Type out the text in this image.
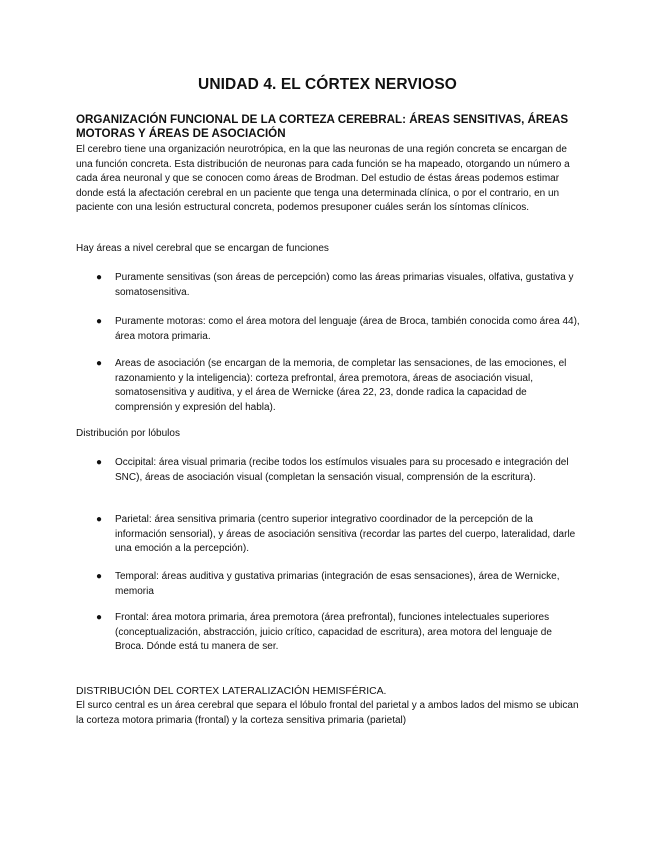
UNIDAD 4. EL CÓRTEX NERVIOSO
ORGANIZACIÓN FUNCIONAL DE LA CORTEZA CEREBRAL: ÁREAS SENSITIVAS, ÁREAS MOTORAS Y ÁREAS DE ASOCIACIÓN

El cerebro tiene una organización neurotrópica, en la que las neuronas de una región concreta se encargan de una función concreta. Esta distribución de neuronas para cada función se ha mapeado, otorgando un número a cada área neuronal y que se conocen como áreas de Brodman. Del estudio de éstas áreas podemos estimar donde está la afectación cerebral en un paciente que tenga una determinada clínica, o por el contrario, en un paciente con una lesión estructural concreta, podemos presuponer cuáles serán los síntomas clínicos.

Hay áreas a nivel cerebral que se encargan de funciones

● Puramente sensitivas (son áreas de percepción) como las áreas primarias visuales, olfativa, gustativa y somatosensitiva.
● Puramente motoras: como el área motora del lenguaje (área de Broca, también conocida como área 44), área motora primaria.
● Areas de asociación (se encargan de la memoria, de completar las sensaciones, de las emociones, el razonamiento y la inteligencia): corteza prefrontal, área premotora, áreas de asociación visual, somatosensitiva y auditiva, y el área de Wernicke (área 22, 23, donde radica la capacidad de comprensión y expresión del habla).

Distribución por lóbulos

● Occipital: área visual primaria (recibe todos los estímulos visuales para su procesado e integración del SNC), áreas de asociación visual (completan la sensación visual, comprensión de la escritura).
● Parietal: área sensitiva primaria (centro superior integrativo coordinador de la percepción de la información sensorial), y áreas de asociación sensitiva (recordar las partes del cuerpo, lateralidad, darle una emoción a la percepción).
● Temporal: áreas auditiva y gustativa primarias (integración de esas sensaciones), área de Wernicke, memoria
● Frontal: área motora primaria, área premotora (área prefrontal), funciones intelectuales superiores (conceptualización, abstracción, juicio crítico, capacidad de escritura), area motora del lenguaje de Broca. Dónde está tu manera de ser.
DISTRIBUCIÓN DEL CORTEX LATERALIZACIÓN HEMISFÉRICA.

El surco central es un área cerebral que separa el lóbulo frontal del parietal y a ambos lados del mismo se ubican la corteza motora primaria (frontal) y la corteza sensitiva primaria (parietal)
